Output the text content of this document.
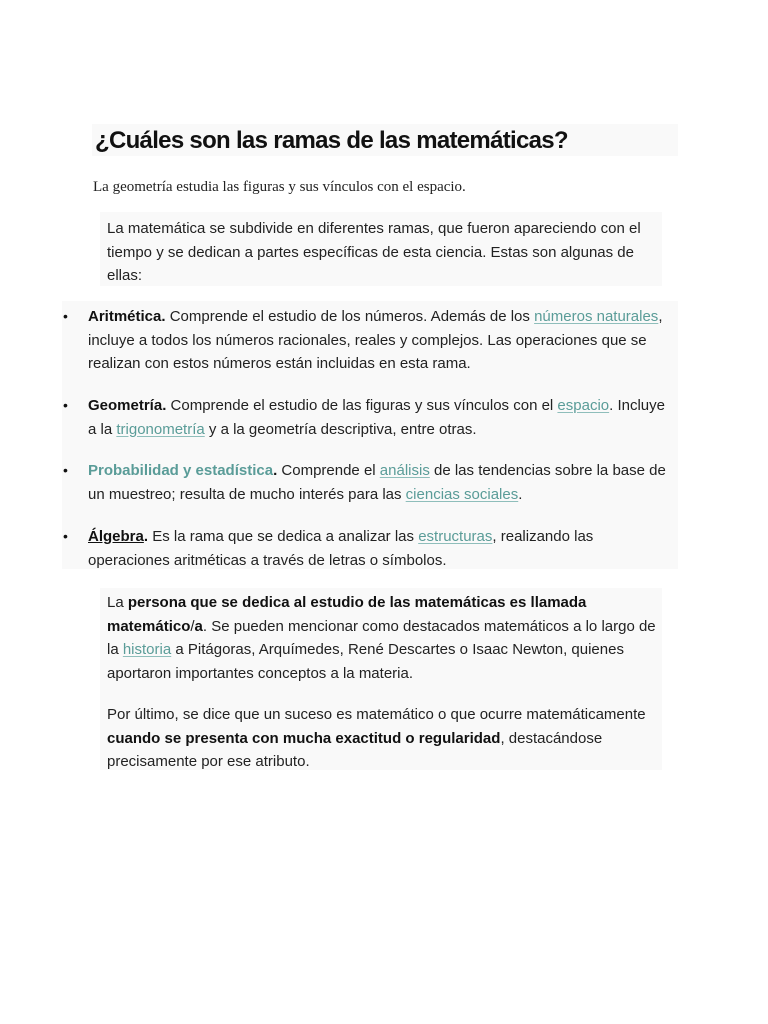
¿Cuáles son las ramas de las matemáticas?

La geometría estudia las figuras y sus vínculos con el espacio.

La matemática se subdivide en diferentes ramas, que fueron apareciendo con el tiempo y se dedican a partes específicas de esta ciencia. Estas son algunas de ellas:

• Aritmética. Comprende el estudio de los números. Además de los números naturales, incluye a todos los números racionales, reales y complejos. Las operaciones que se realizan con estos números están incluidas en esta rama.

• Geometría. Comprende el estudio de las figuras y sus vínculos con el espacio. Incluye a la trigonometría y a la geometría descriptiva, entre otras.

• Probabilidad y estadística. Comprende el análisis de las tendencias sobre la base de un muestreo; resulta de mucho interés para las ciencias sociales.

• Álgebra. Es la rama que se dedica a analizar las estructuras, realizando las operaciones aritméticas a través de letras o símbolos.

La persona que se dedica al estudio de las matemáticas es llamada matemático/a. Se pueden mencionar como destacados matemáticos a lo largo de la historia a Pitágoras, Arquímedes, René Descartes o Isaac Newton, quienes aportaron importantes conceptos a la materia.

Por último, se dice que un suceso es matemático o que ocurre matemáticamente cuando se presenta con mucha exactitud o regularidad, destacándose precisamente por ese atributo.
